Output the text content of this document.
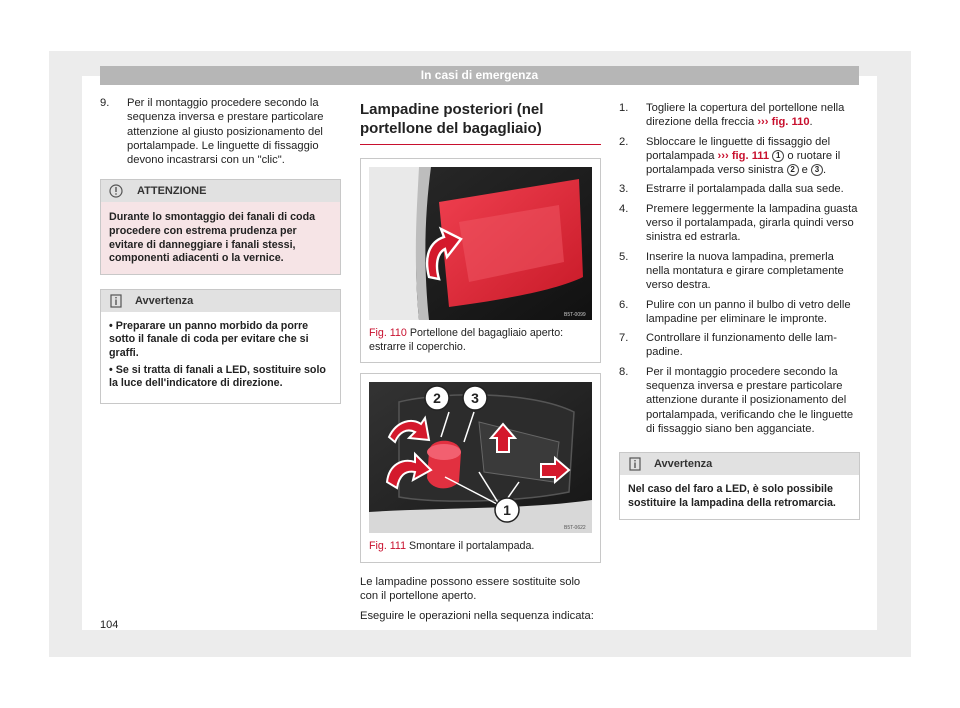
In casi di emergenza
9. Per il montaggio procedere secondo la sequenza inversa e prestare particolare attenzione al giusto posizionamento del portalampade. Le linguette di fissaggio devono incastrarsi con un "clic".
ATTENZIONE
Durante lo smontaggio dei fanali di coda procedere con estrema prudenza per evitare di danneggiare i fanali stessi, componenti adiacenti o la vernice.
Avvertenza
• Preparare un panno morbido da porre sotto il fanale di coda per evitare che si graffi.
• Se si tratta di fanali a LED, sostituire solo la luce dell'indicatore di direzione.
Lampadine posteriori (nel portellone del bagagliaio)
B5T-0099
Fig. 110 Portellone del bagagliaio aperto: estrarre il coperchio.
2 3
1
B5T-0622
Fig. 111 Smontare il portalampada.

Le lampadine possono essere sostituite solo con il portellone aperto.

Eseguire le operazioni nella sequenza indicata:

1. Togliere la copertura del portellone nella direzione della freccia ››› fig. 110.
2. Sbloccare le linguette di fissaggio del portalampada ››› fig. 111 1 o ruotare il portalampada verso sinistra 2 e 3 .
3. Estrarre il portalampada dalla sua sede.
4. Premere leggermente la lampadina guasta verso il portalampada, girarla quindi verso sinistra ed estrarla.
5. Inserire la nuova lampadina, premerla nella montatura e girare completamente verso destra.
6. Pulire con un panno il bulbo di vetro delle lampadine per eliminare le impronte.
7. Controllare il funzionamento delle lampadine.
8. Per il montaggio procedere secondo la sequenza inversa e prestare particolare attenzione durante il posizionamento del portalampada, verificando che le linguette di fissaggio siano ben agganciate.
Avvertenza
Nel caso del faro a LED, è solo possibile sostituire la lampadina della retromarcia.
104
